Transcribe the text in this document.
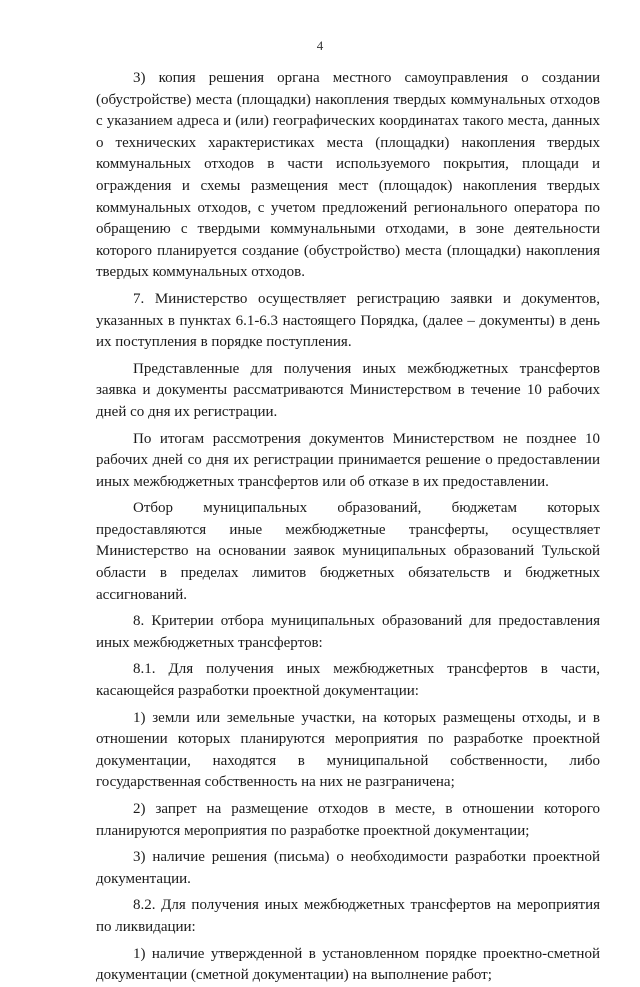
4

3) копия решения органа местного самоуправления о создании (обустройстве) места (площадки) накопления твердых коммунальных отходов с указанием адреса и (или) географических координатах такого места, данных о технических характеристиках места (площадки) накопления твердых коммунальных отходов в части используемого покрытия, площади и ограждения и схемы размещения мест (площадок) накопления твердых коммунальных отходов, с учетом предложений регионального оператора по обращению с твердыми коммунальными отходами, в зоне деятельности которого планируется создание (обустройство) места (площадки) накопления твердых коммунальных отходов.

7. Министерство осуществляет регистрацию заявки и документов, указанных в пунктах 6.1-6.3 настоящего Порядка, (далее – документы) в день их поступления в порядке поступления.

Представленные для получения иных межбюджетных трансфертов заявка и документы рассматриваются Министерством в течение 10 рабочих дней со дня их регистрации.

По итогам рассмотрения документов Министерством не позднее 10 рабочих дней со дня их регистрации принимается решение о предоставлении иных межбюджетных трансфертов или об отказе в их предоставлении.

Отбор муниципальных образований, бюджетам которых предоставляются иные межбюджетные трансферты, осуществляет Министерство на основании заявок муниципальных образований Тульской области в пределах лимитов бюджетных обязательств и бюджетных ассигнований.

8. Критерии отбора муниципальных образований для предоставления иных межбюджетных трансфертов:

8.1. Для получения иных межбюджетных трансфертов в части, касающейся разработки проектной документации:

1) земли или земельные участки, на которых размещены отходы, и в отношении которых планируются мероприятия по разработке проектной документации, находятся в муниципальной собственности, либо государственная собственность на них не разграничена;

2) запрет на размещение отходов в месте, в отношении которого планируются мероприятия по разработке проектной документации;

3) наличие решения (письма) о необходимости разработки проектной документации.

8.2. Для получения иных межбюджетных трансфертов на мероприятия по ликвидации:

1) наличие утвержденной в установленном порядке проектно-сметной документации (сметной документации) на выполнение работ;
